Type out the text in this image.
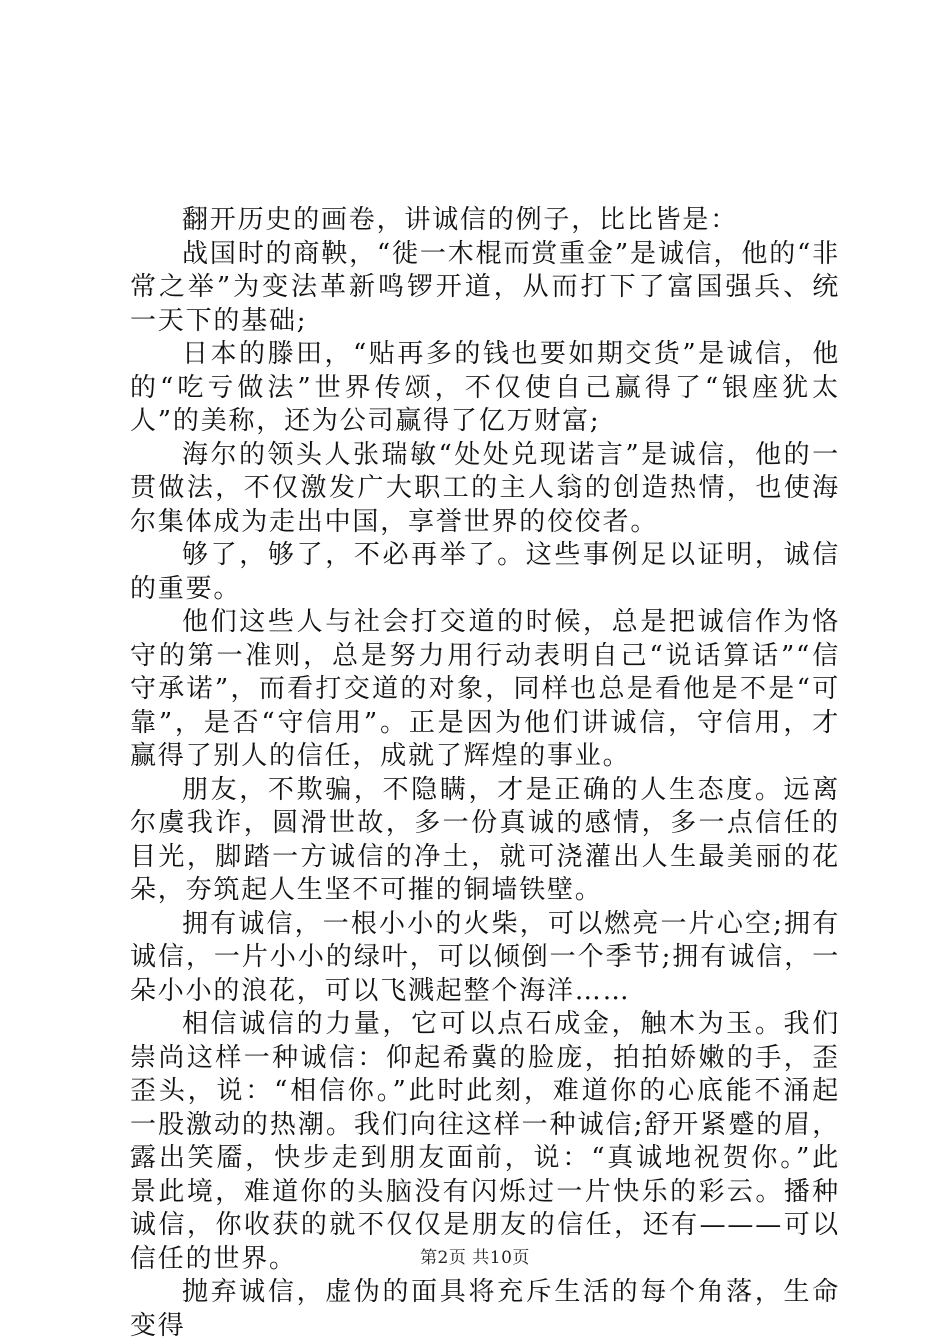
翻开历史的画卷，讲诚信的例子，比比皆是：

战国时的商鞅，“徙一木棍而赏重金”是诚信，他的“非常之举”为变法革新鸣锣开道，从而打下了富国强兵、统一天下的基础;

日本的滕田，“贴再多的钱也要如期交货”是诚信，他的“吃亏做法”世界传颂，不仅使自己赢得了“银座犹太人”的美称，还为公司赢得了亿万财富;

海尔的领头人张瑞敏“处处兑现诺言”是诚信，他的一贯做法，不仅激发广大职工的主人翁的创造热情，也使海尔集体成为走出中国，享誉世界的佼佼者。

够了，够了，不必再举了。这些事例足以证明，诚信的重要。

他们这些人与社会打交道的时候，总是把诚信作为恪守的第一准则，总是努力用行动表明自己“说话算话”“信守承诺”，而看打交道的对象，同样也总是看他是不是“可靠”，是否“守信用”。正是因为他们讲诚信，守信用，才赢得了别人的信任，成就了辉煌的事业。

朋友，不欺骗，不隐瞒，才是正确的人生态度。远离尔虞我诈，圆滑世故，多一份真诚的感情，多一点信任的目光，脚踏一方诚信的净土，就可浇灌出人生最美丽的花朵，夯筑起人生坚不可摧的铜墙铁壁。

拥有诚信，一根小小的火柴，可以燃亮一片心空;拥有诚信，一片小小的绿叶，可以倾倒一个季节;拥有诚信，一朵小小的浪花，可以飞溅起整个海洋……

相信诚信的力量，它可以点石成金，触木为玉。我们崇尚这样一种诚信：仰起希冀的脸庞，拍拍娇嫩的手，歪歪头，说：“相信你。”此时此刻，难道你的心底能不涌起一股激动的热潮。我们向往这样一种诚信;舒开紧蹙的眉，露出笑靥，快步走到朋友面前，说：“真诚地祝贺你。”此景此境，难道你的头脑没有闪烁过一片快乐的彩云。播种诚信，你收获的就不仅仅是朋友的信任，还有———可以信任的世界。

抛弃诚信，虚伪的面具将充斥生活的每个角落，生命变得

第2页 共10页
